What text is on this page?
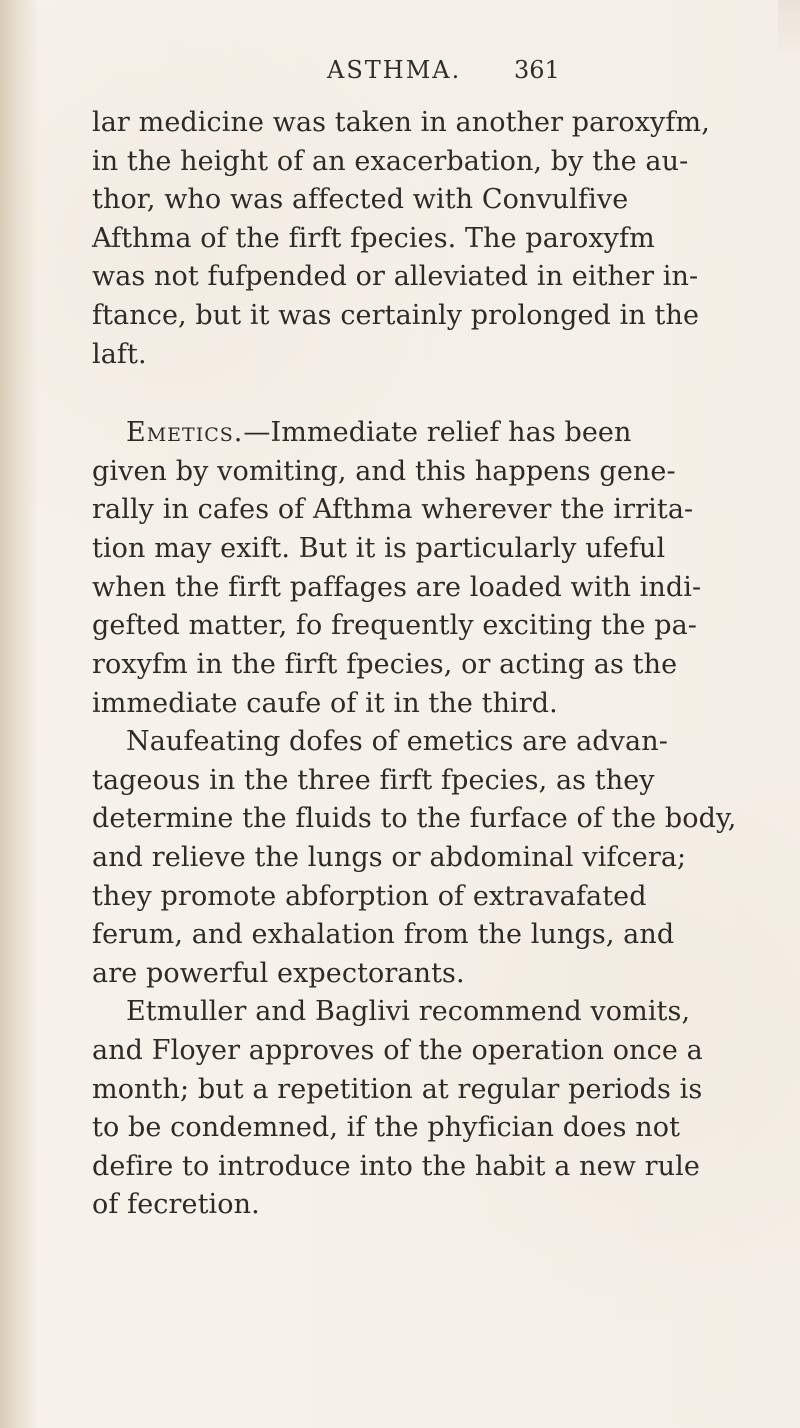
ASTHMA. 361

lar medicine was taken in another paroxyfm,
in the height of an exacerbation, by the au-
thor, who was affected with Convulfive
Afthma of the firft fpecies. The paroxyfm
was not fufpended or alleviated in either in-
ftance, but it was certainly prolonged in the
laft.

Emetics.—Immediate relief has been
given by vomiting, and this happens gene-
rally in cafes of Afthma wherever the irrita-
tion may exift. But it is particularly ufeful
when the firft paffages are loaded with indi-
gefted matter, fo frequently exciting the pa-
roxyfm in the firft fpecies, or acting as the
immediate caufe of it in the third.

Naufeating dofes of emetics are advan-
tageous in the three firft fpecies, as they
determine the fluids to the furface of the body,
and relieve the lungs or abdominal vifcera;
they promote abforption of extravafated
ferum, and exhalation from the lungs, and
are powerful expectorants.

Etmuller and Baglivi recommend vomits,
and Floyer approves of the operation once a
month; but a repetition at regular periods is
to be condemned, if the phyfician does not
defire to introduce into the habit a new rule
of fecretion.
